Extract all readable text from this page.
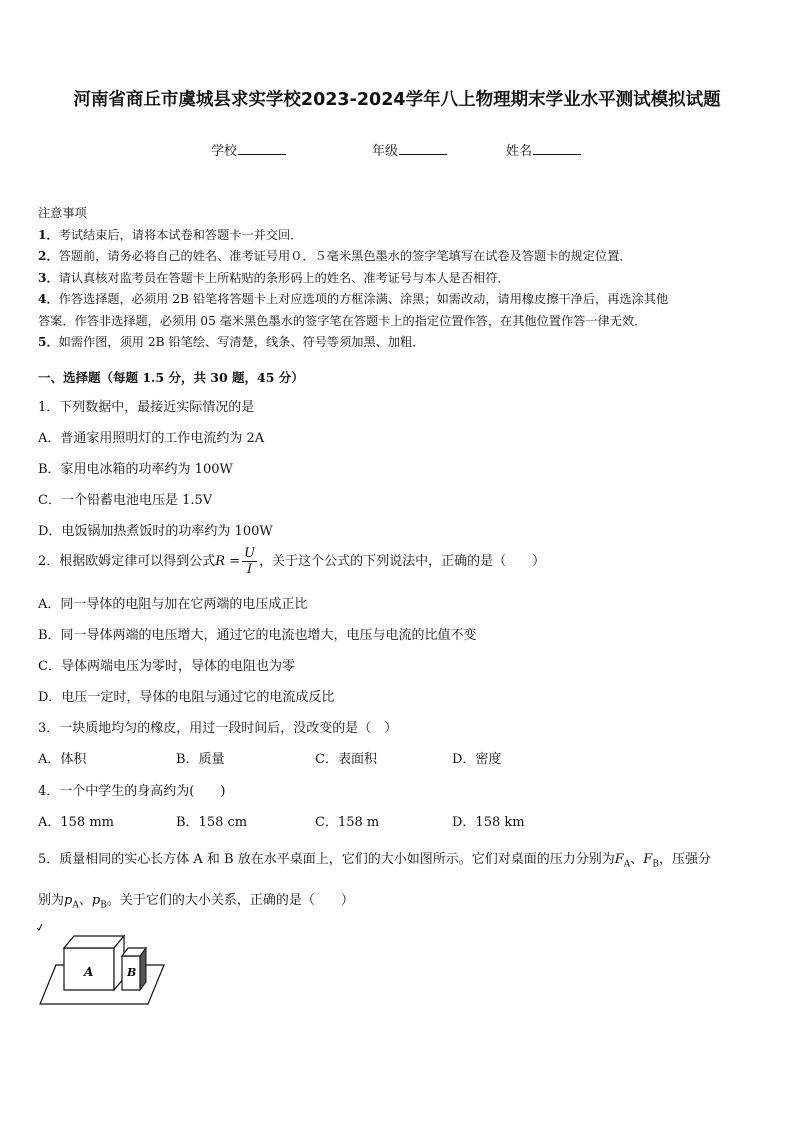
河南省商丘市虞城县求实学校2023-2024学年八上物理期末学业水平测试模拟试题
学校	年级	姓名
注意事项
1．考试结束后，请将本试卷和答题卡一并交回．
2．答题前，请务必将自己的姓名、准考证号用０．５毫米黑色墨水的签字笔填写在试卷及答题卡的规定位置．
3．请认真核对监考员在答题卡上所粘贴的条形码上的姓名、准考证号与本人是否相符．
4．作答选择题，必须用 2B 铅笔将答题卡上对应选项的方框涂满、涂黑；如需改动，请用橡皮擦干净后，再选涂其他
答案．作答非选择题，必须用 05 毫米黑色墨水的签字笔在答题卡上的指定位置作答，在其他位置作答一律无效．
5．如需作图，须用 2B 铅笔绘、写清楚，线条、符号等须加黑、加粗．
一、选择题（每题 1.5 分，共 30 题，45 分）
1．下列数据中，最接近实际情况的是
A．普通家用照明灯的工作电流约为 2A
B．家用电冰箱的功率约为 100W
C．一个铅蓄电池电压是 1.5V
D．电饭锅加热煮饭时的功率约为 100W
2．根据欧姆定律可以得到公式$R = \frac{U}{I}$ ，关于这个公式的下列说法中，正确的是（　　）
A．同一导体的电阻与加在它两端的电压成正比
B．同一导体两端的电压增大，通过它的电流也增大，电压与电流的比值不变
C．导体两端电压为零时，导体的电阻也为零
D．电压一定时，导体的电阻与通过它的电流成反比
3．一块质地均匀的橡皮，用过一段时间后，没改变的是（　）
A．体积	B．质量	C．表面积	D．密度
4．一个中学生的身高约为(　　)
A．158 mm	B．158 cm	C．158 m	D．158 km
5．质量相同的实心长方体 A 和 B 放在水平桌面上，它们的大小如图所示。它们对桌面的压力分别为$F_A$、$F_B$，压强分
别为$p_A$、$p_B$。关于它们的大小关系，正确的是（　　）
A	B
